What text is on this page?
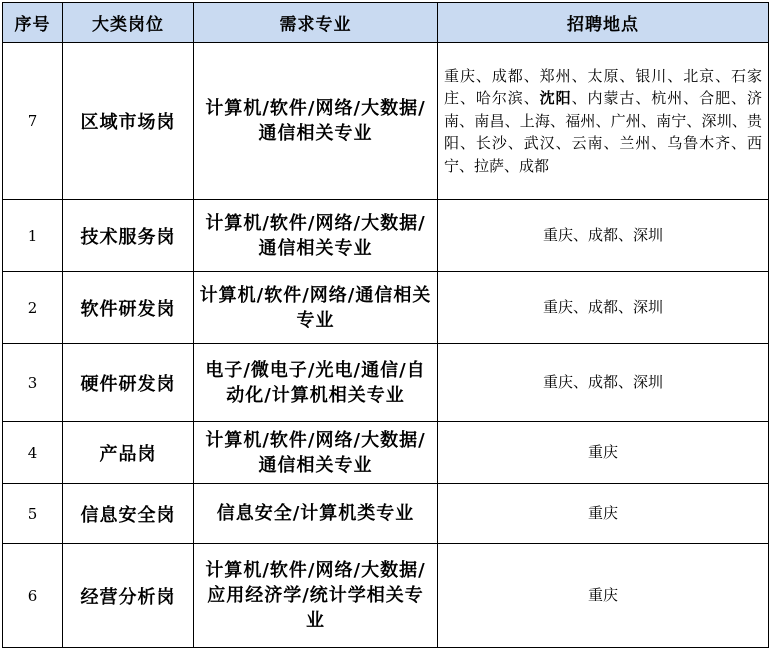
序号	大类岗位	需求专业	招聘地点
7	区域市场岗	计算机/软件/网络/大数据/通信相关专业	重庆、成都、郑州、太原、银川、北京、石家庄、哈尔滨、沈阳、内蒙古、杭州、合肥、济南、南昌、上海、福州、广州、南宁、深圳、贵阳、长沙、武汉、云南、兰州、乌鲁木齐、西宁、拉萨、成都
1	技术服务岗	计算机/软件/网络/大数据/通信相关专业	重庆、成都、深圳
2	软件研发岗	计算机/软件/网络/通信相关专业	重庆、成都、深圳
3	硬件研发岗	电子/微电子/光电/通信/自动化/计算机相关专业	重庆、成都、深圳
4	产品岗	计算机/软件/网络/大数据/通信相关专业	重庆
5	信息安全岗	信息安全/计算机类专业	重庆
6	经营分析岗	计算机/软件/网络/大数据/应用经济学/统计学相关专业	重庆
